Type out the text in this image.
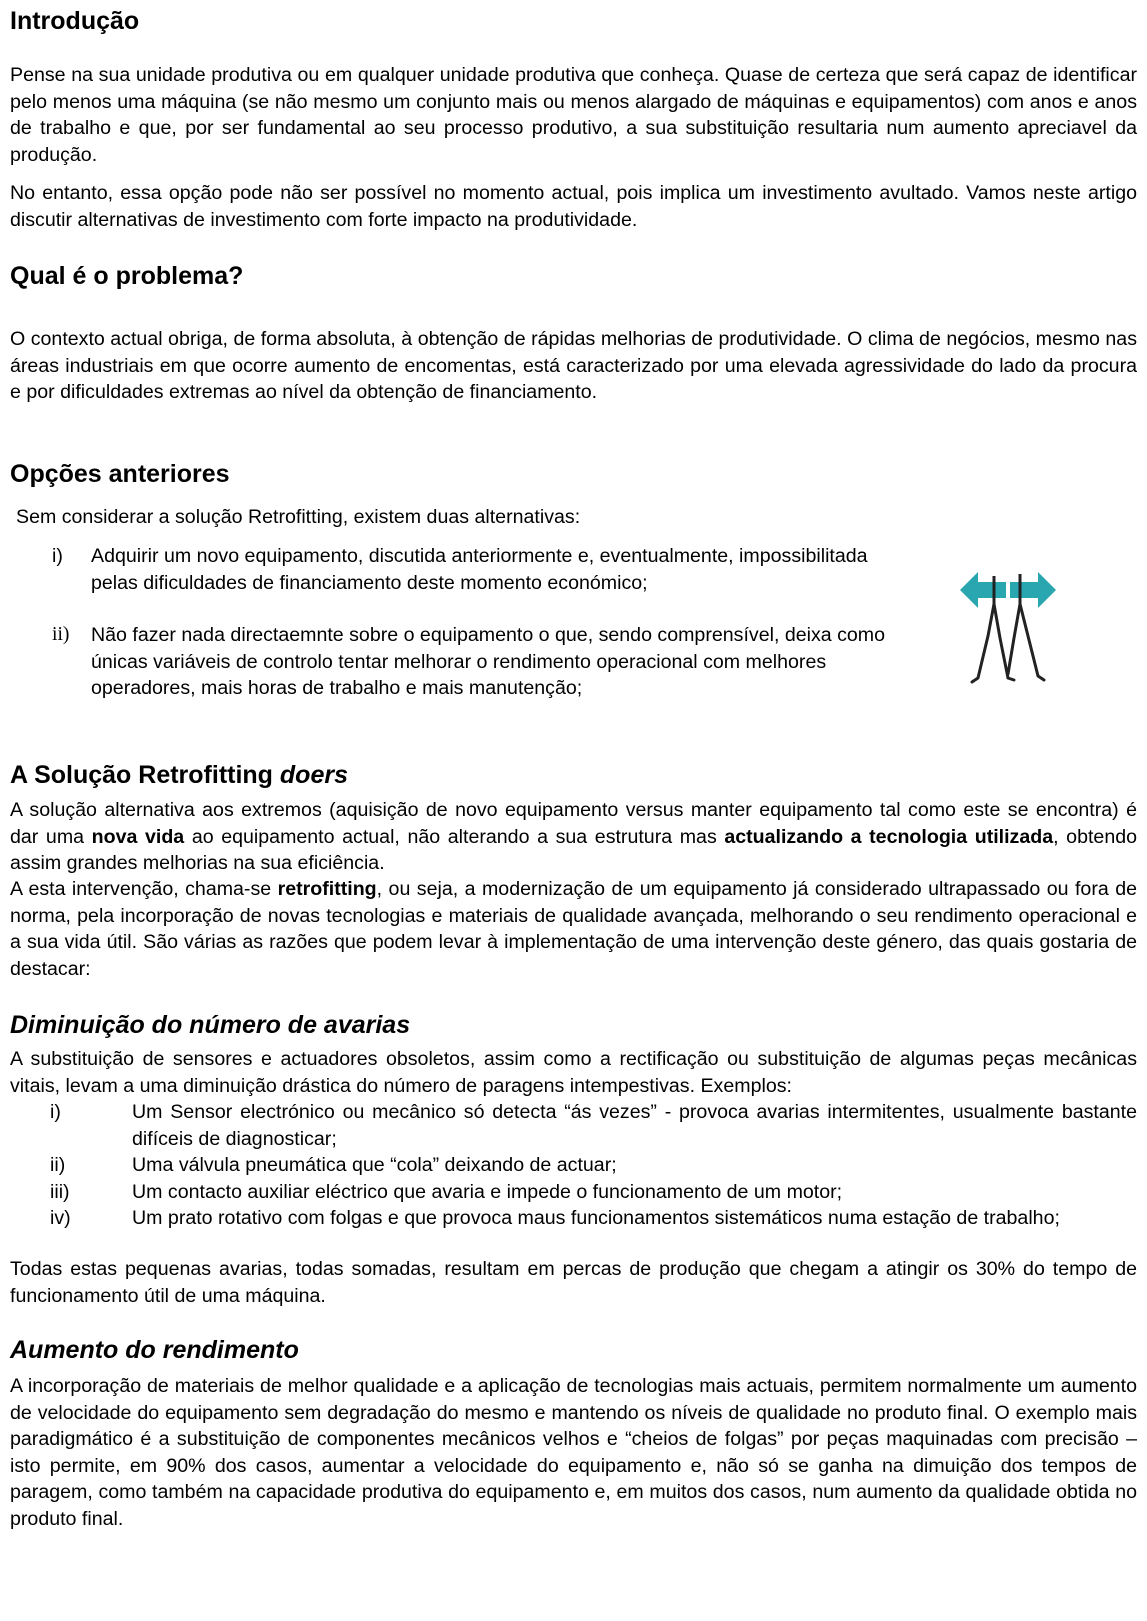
Introdução

Pense na sua unidade produtiva ou em qualquer unidade produtiva que conheça. Quase de certeza que será capaz de identificar pelo menos uma máquina (se não mesmo um conjunto mais ou menos alargado de máquinas e equipamentos) com anos e anos de trabalho e que, por ser fundamental ao seu processo produtivo, a sua substituição resultaria num aumento apreciavel da produção.

No entanto, essa opção pode não ser possível no momento actual, pois implica um investimento avultado. Vamos neste artigo discutir alternativas de investimento com forte impacto na produtividade.

Qual é o problema?

O contexto actual obriga, de forma absoluta, à obtenção de rápidas melhorias de produtividade. O clima de negócios, mesmo nas áreas industriais em que ocorre aumento de encomentas, está caracterizado por uma elevada agressividade do lado da procura e por dificuldades extremas ao nível da obtenção de financiamento.

Opções anteriores

Sem considerar a solução Retrofitting, existem duas alternativas:

i) Adquirir um novo equipamento, discutida anteriormente e, eventualmente, impossibilitada pelas dificuldades de financiamento deste momento económico;
ii) Não fazer nada directaemnte sobre o equipamento o que, sendo comprensível, deixa como únicas variáveis de controlo tentar melhorar o rendimento operacional com melhores operadores, mais horas de trabalho e mais manutenção;
A Solução Retrofitting doers

A solução alternativa aos extremos (aquisição de novo equipamento versus manter equipamento tal como este se encontra) é dar uma nova vida ao equipamento actual, não alterando a sua estrutura mas actualizando a tecnologia utilizada, obtendo assim grandes melhorias na sua eficiência.

A esta intervenção, chama-se retrofitting, ou seja, a modernização de um equipamento já considerado ultrapassado ou fora de norma, pela incorporação de novas tecnologias e materiais de qualidade avançada, melhorando o seu rendimento operacional e a sua vida útil. São várias as razões que podem levar à implementação de uma intervenção deste género, das quais gostaria de destacar:

Diminuição do número de avarias

A substituição de sensores e actuadores obsoletos, assim como a rectificação ou substituição de algumas peças mecânicas vitais, levam a uma diminuição drástica do número de paragens intempestivas. Exemplos:

i)	Um Sensor electrónico ou mecânico só detecta “ás vezes” - provoca avarias intermitentes, usualmente bastante difíceis de diagnosticar;
ii)	Uma válvula pneumática que “cola” deixando de actuar;
iii)	Um contacto auxiliar eléctrico que avaria e impede o funcionamento de um motor;
iv)	Um prato rotativo com folgas e que provoca maus funcionamentos sistemáticos numa estação de trabalho;

Todas estas pequenas avarias, todas somadas, resultam em percas de produção que chegam a atingir os 30% do tempo de funcionamento útil de uma máquina.

Aumento do rendimento

A incorporação de materiais de melhor qualidade e a aplicação de tecnologias mais actuais, permitem normalmente um aumento de velocidade do equipamento sem degradação do mesmo e mantendo os níveis de qualidade no produto final. O exemplo mais paradigmático é a substituição de componentes mecânicos velhos e “cheios de folgas” por peças maquinadas com precisão – isto permite, em 90% dos casos, aumentar a velocidade do equipamento e, não só se ganha na dimuição dos tempos de paragem, como também na capacidade produtiva do equipamento e, em muitos dos casos, num aumento da qualidade obtida no produto final.
